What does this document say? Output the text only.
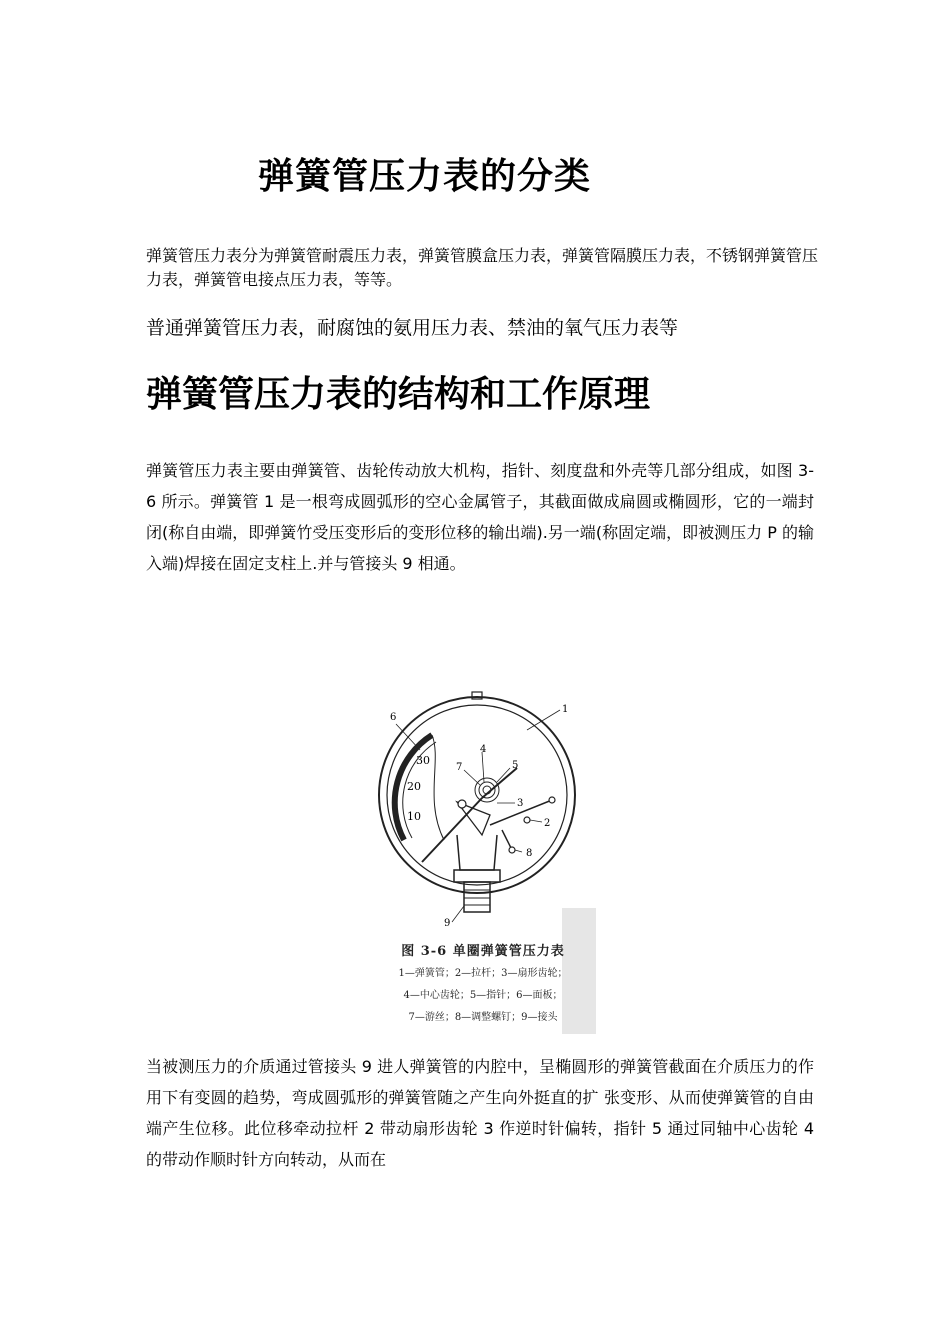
弹簧管压力表的分类

弹簧管压力表分为弹簧管耐震压力表，弹簧管膜盒压力表，弹簧管隔膜压力表，不锈钢弹簧管压力表，弹簧管电接点压力表，等等。

普通弹簧管压力表，耐腐蚀的氨用压力表、禁油的氧气压力表等

弹簧管压力表的结构和工作原理

弹簧管压力表主要由弹簧管、齿轮传动放大机构，指针、刻度盘和外壳等几部分组成，如图 3-6 所示。弹簧管 1 是一根弯成圆弧形的空心金属管子，其截面做成扁圆或椭圆形，它的一端封闭(称自由端，即弹簧竹受压变形后的变形位移的输出端).另一端(称固定端，即被测压力 P 的输入端)焊接在固定支柱上.并与管接头 9 相通。

30
20
10
1
2
3
4
5
6
7
8
9
图 3-6 单圈弹簧管压力表
1—弹簧管；2—拉杆；3—扇形齿轮；
4—中心齿轮；5—指针；6—面板；
7—游丝；8—调整螺钉；9—接头

当被测压力的介质通过管接头 9 进人弹簧管的内腔中，呈椭圆形的弹簧管截面在介质压力的作用下有变圆的趋势，弯成圆弧形的弹簧管随之产生向外挺直的扩 张变形、从而使弹簧管的自由端产生位移。此位移牵动拉杆 2 带动扇形齿轮 3 作逆时针偏转，指针 5 通过同轴中心齿轮 4 的带动作顺时针方向转动，从而在
